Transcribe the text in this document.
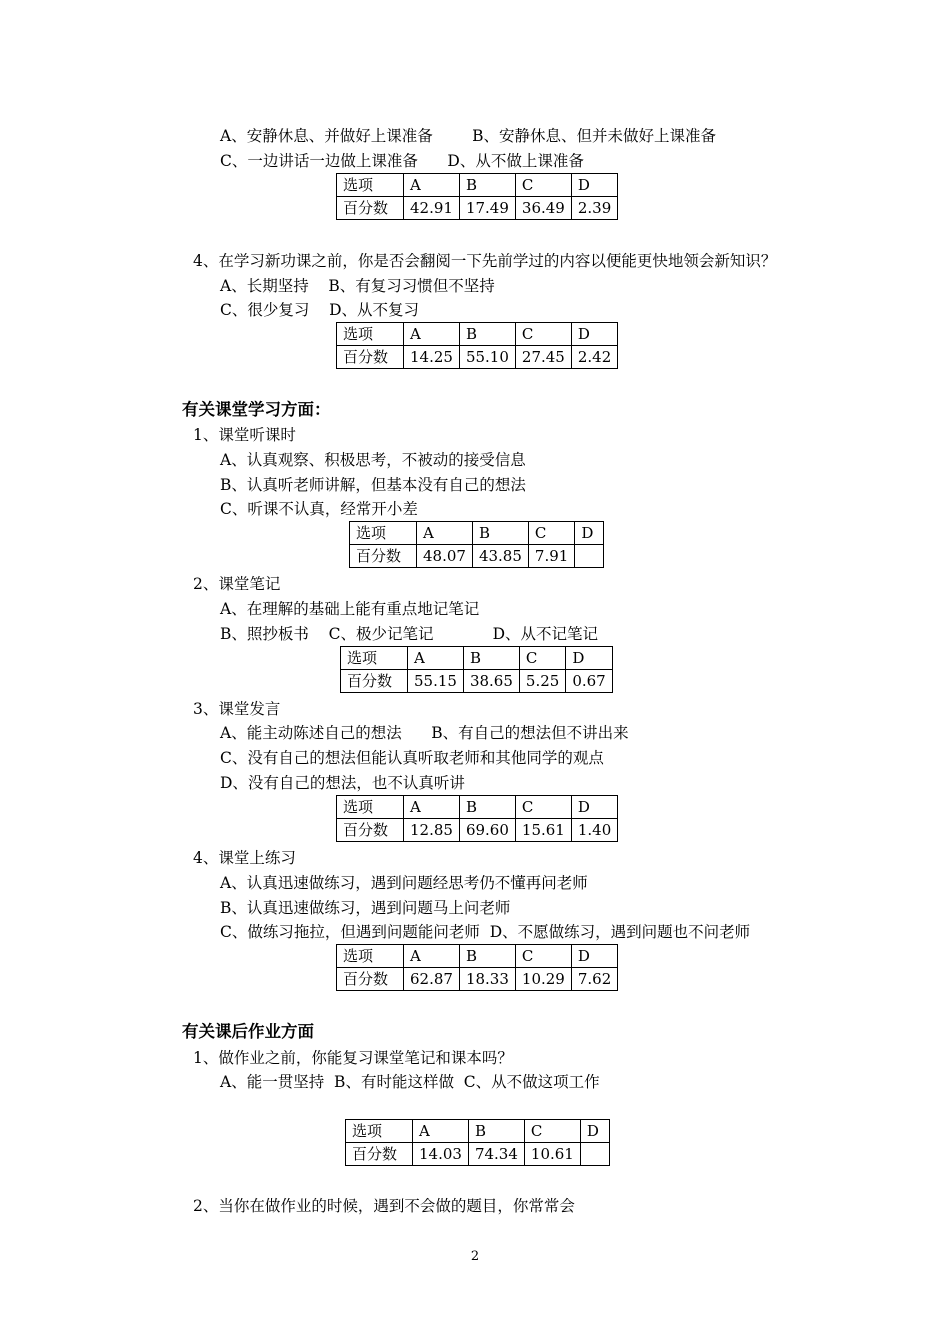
A、安静休息、并做好上课准备        B、安静休息、但并未做好上课准备
C、一边讲话一边做上课准备      D、从不做上课准备
选项	A	B	C	D
百分数	42.91	17.49	36.49	2.39
4、在学习新功课之前，你是否会翻阅一下先前学过的内容以便能更快地领会新知识？
A、长期坚持    B、有复习习惯但不坚持
C、很少复习    D、从不复习
选项	A	B	C	D
百分数	14.25	55.10	27.45	2.42
有关课堂学习方面：
1、课堂听课时
A、认真观察、积极思考，不被动的接受信息
B、认真听老师讲解，但基本没有自己的想法
C、听课不认真，经常开小差
选项	A	B	C	D
百分数	48.07	43.85	7.91	
2、课堂笔记
A、在理解的基础上能有重点地记笔记
B、照抄板书    C、极少记笔记            D、从不记笔记
选项	A	B	C	D
百分数	55.15	38.65	5.25	0.67
3、课堂发言
A、能主动陈述自己的想法      B、有自己的想法但不讲出来
C、没有自己的想法但能认真听取老师和其他同学的观点
D、没有自己的想法，也不认真听讲
选项	A	B	C	D
百分数	12.85	69.60	15.61	1.40
4、课堂上练习
A、认真迅速做练习，遇到问题经思考仍不懂再问老师
B、认真迅速做练习，遇到问题马上问老师
C、做练习拖拉，但遇到问题能问老师  D、不愿做练习，遇到问题也不问老师
选项	A	B	C	D
百分数	62.87	18.33	10.29	7.62
有关课后作业方面
1、做作业之前，你能复习课堂笔记和课本吗？
A、能一贯坚持  B、有时能这样做  C、从不做这项工作
选项	A	B	C	D
百分数	14.03	74.34	10.61	
2、当你在做作业的时候，遇到不会做的题目，你常常会
2
